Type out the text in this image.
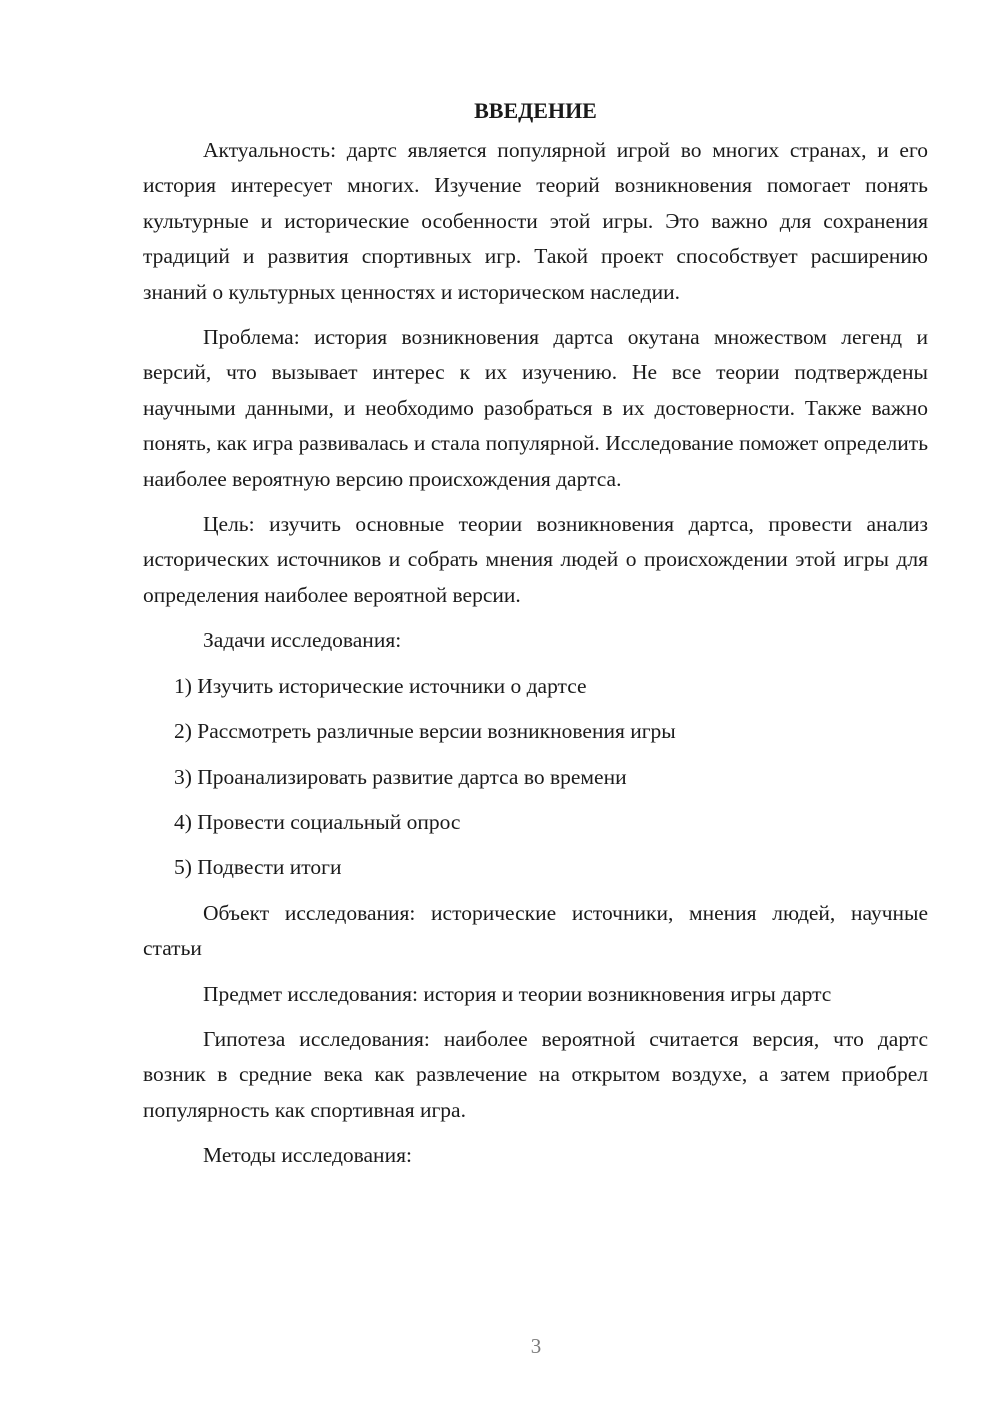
ВВЕДЕНИЕ

Актуальность: дартс является популярной игрой во многих странах, и его история интересует многих. Изучение теорий возникновения помогает понять культурные и исторические особенности этой игры. Это важно для сохранения традиций и развития спортивных игр. Такой проект способствует расширению знаний о культурных ценностях и историческом наследии.

Проблема: история возникновения дартса окутана множеством легенд и версий, что вызывает интерес к их изучению. Не все теории подтверждены научными данными, и необходимо разобраться в их достоверности. Также важно понять, как игра развивалась и стала популярной. Исследование поможет определить наиболее вероятную версию происхождения дартса.

Цель: изучить основные теории возникновения дартса, провести анализ исторических источников и собрать мнения людей о происхождении этой игры для определения наиболее вероятной версии.

Задачи исследования:

1) Изучить исторические источники о дартсе

2) Рассмотреть различные версии возникновения игры

3) Проанализировать развитие дартса во времени

4) Провести социальный опрос

5) Подвести итоги

Объект исследования: исторические источники, мнения людей, научные статьи

Предмет исследования: история и теории возникновения игры дартс

Гипотеза исследования: наиболее вероятной считается версия, что дартс возник в средние века как развлечение на открытом воздухе, а затем приобрел популярность как спортивная игра.

Методы исследования:

3
